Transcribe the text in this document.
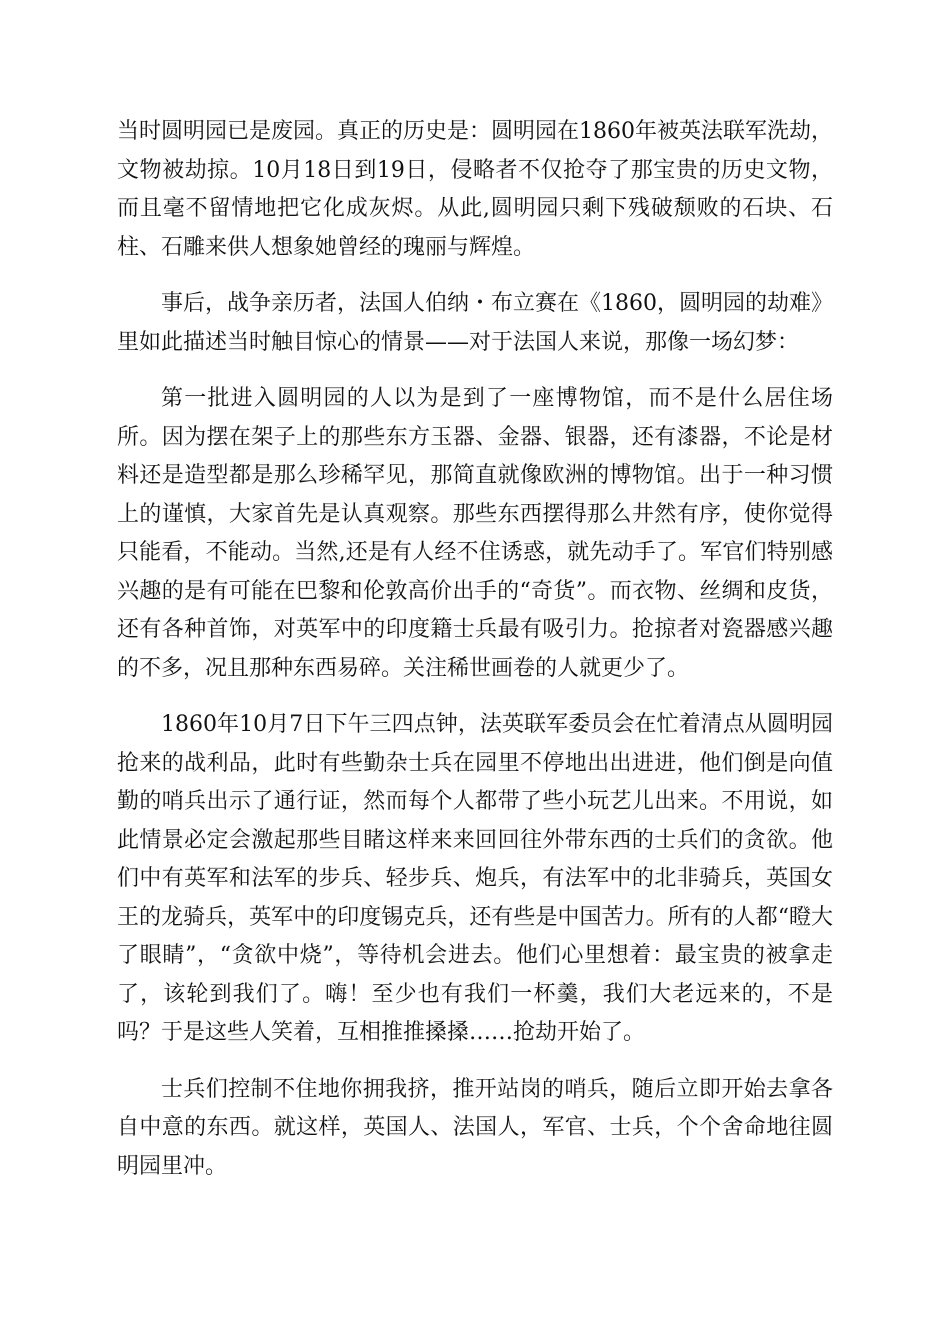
当时圆明园已是废园。真正的历史是：圆明园在1860年被英法联军洗劫，文物被劫掠。10月18日到19日，侵略者不仅抢夺了那宝贵的历史文物，而且毫不留情地把它化成灰烬。从此,圆明园只剩下残破颓败的石块、石柱、石雕来供人想象她曾经的瑰丽与辉煌。

事后，战争亲历者，法国人伯纳・布立赛在《1860，圆明园的劫难》里如此描述当时触目惊心的情景——对于法国人来说，那像一场幻梦：

第一批进入圆明园的人以为是到了一座博物馆，而不是什么居住场所。因为摆在架子上的那些东方玉器、金器、银器，还有漆器，不论是材料还是造型都是那么珍稀罕见，那简直就像欧洲的博物馆。出于一种习惯上的谨慎，大家首先是认真观察。那些东西摆得那么井然有序，使你觉得只能看，不能动。当然,还是有人经不住诱惑，就先动手了。军官们特别感兴趣的是有可能在巴黎和伦敦高价出手的“奇货”。而衣物、丝绸和皮货，还有各种首饰，对英军中的印度籍士兵最有吸引力。抢掠者对瓷器感兴趣的不多，况且那种东西易碎。关注稀世画卷的人就更少了。

1860年10月7日下午三四点钟，法英联军委员会在忙着清点从圆明园抢来的战利品，此时有些勤杂士兵在园里不停地出出进进，他们倒是向值勤的哨兵出示了通行证，然而每个人都带了些小玩艺儿出来。不用说，如此情景必定会激起那些目睹这样来来回回往外带东西的士兵们的贪欲。他们中有英军和法军的步兵、轻步兵、炮兵，有法军中的北非骑兵，英国女王的龙骑兵，英军中的印度锡克兵，还有些是中国苦力。所有的人都“瞪大了眼睛”，“贪欲中烧”，等待机会进去。他们心里想着：最宝贵的被拿走了，该轮到我们了。嗨！至少也有我们一杯羹，我们大老远来的，不是吗？于是这些人笑着，互相推推搡搡……抢劫开始了。

士兵们控制不住地你拥我挤，推开站岗的哨兵，随后立即开始去拿各自中意的东西。就这样，英国人、法国人，军官、士兵，个个舍命地往圆明园里冲。
